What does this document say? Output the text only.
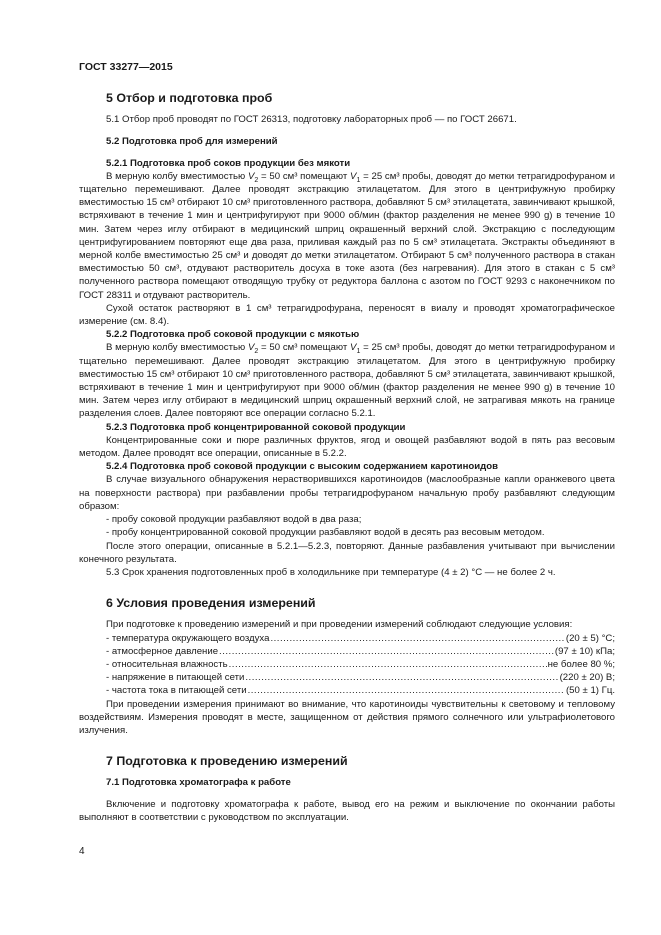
ГОСТ 33277—2015
5 Отбор и подготовка проб

5.1 Отбор проб проводят по ГОСТ 26313, подготовку лабораторных проб — по ГОСТ 26671.

5.2 Подготовка проб для измерений
5.2.1 Подготовка проб соков продукции без мякоти

В мерную колбу вместимостью $V_2 = 50$ см³ помещают $V_1 = 25$ см³ пробы, доводят до метки тетрагидрофураном и тщательно перемешивают. Далее проводят экстракцию этилацетатом. Для этого в центрифужную пробирку вместимостью 15 см³ отбирают 10 см³ приготовленного раствора, добавляют 5 см³ этилацетата, завинчивают крышкой, встряхивают в течение 1 мин и центрифугируют при 9000 об/мин (фактор разделения не менее 990 g) в течение 10 мин. Затем через иглу отбирают в медицинский шприц окрашенный верхний слой. Экстракцию с последующим центрифугированием повторяют еще два раза, приливая каждый раз по 5 см³ этилацетата. Экстракты объединяют в мерной колбе вместимостью 25 см³ и доводят до метки этилацетатом. Отбирают 5 см³ полученного раствора в стакан вместимостью 50 см³, отдувают растворитель досуха в токе азота (без нагревания). Для этого в стакан с 5 см³ полученного раствора помещают отводящую трубку от редуктора баллона с азотом по ГОСТ 9293 с наконечником по ГОСТ 28311 и отдувают растворитель.

Сухой остаток растворяют в 1 см³ тетрагидрофурана, переносят в виалу и проводят хроматографическое измерение (см. 8.4).

5.2.2 Подготовка проб соковой продукции с мякотью

В мерную колбу вместимостью $V_2 = 50$ см³ помещают $V_1 = 25$ см³ пробы, доводят до метки тетрагидрофураном и тщательно перемешивают. Далее проводят экстракцию этилацетатом. Для этого в центрифужную пробирку вместимостью 15 см³ отбирают 10 см³ приготовленного раствора, добавляют 5 см³ этилацетата, завинчивают крышкой, встряхивают в течение 1 мин и центрифугируют при 9000 об/мин (фактор разделения не менее 990 g) в течение 10 мин. Затем через иглу отбирают в медицинский шприц окрашенный верхний слой, не затрагивая мякоть на границе разделения слоев. Далее повторяют все операции согласно 5.2.1.

5.2.3 Подготовка проб концентрированной соковой продукции

Концентрированные соки и пюре различных фруктов, ягод и овощей разбавляют водой в пять раз весовым методом. Далее проводят все операции, описанные в 5.2.2.

5.2.4 Подготовка проб соковой продукции с высоким содержанием каротиноидов

В случае визуального обнаружения нерастворившихся каротиноидов (маслообразные капли оранжевого цвета на поверхности раствора) при разбавлении пробы тетрагидрофураном начальную пробу разбавляют следующим образом:

- пробу соковой продукции разбавляют водой в два раза;

- пробу концентрированной соковой продукции разбавляют водой в десять раз весовым методом.

После этого операции, описанные в 5.2.1—5.2.3, повторяют. Данные разбавления учитывают при вычислении конечного результата.

5.3 Срок хранения подготовленных проб в холодильнике при температуре (4 ± 2) °С — не более 2 ч.

6 Условия проведения измерений

При подготовке к проведению измерений и при проведении измерений соблюдают следующие условия:

- температура окружающего воздуха .....	(20 ± 5) °С;
- атмосферное давление .....	(97 ± 10) кПа;
- относительная влажность .....	не более 80 %;
- напряжение в питающей сети .....	(220 ± 20) В;
- частота тока в питающей сети .....	(50 ± 1) Гц.

При проведении измерения принимают во внимание, что каротиноиды чувствительны к световому и тепловому воздействиям. Измерения проводят в месте, защищенном от действия прямого солнечного или ультрафиолетового излучения.

7 Подготовка к проведению измерений
7.1 Подготовка хроматографа к работе

Включение и подготовку хроматографа к работе, вывод его на режим и выключение по окончании работы выполняют в соответствии с руководством по эксплуатации.

4
